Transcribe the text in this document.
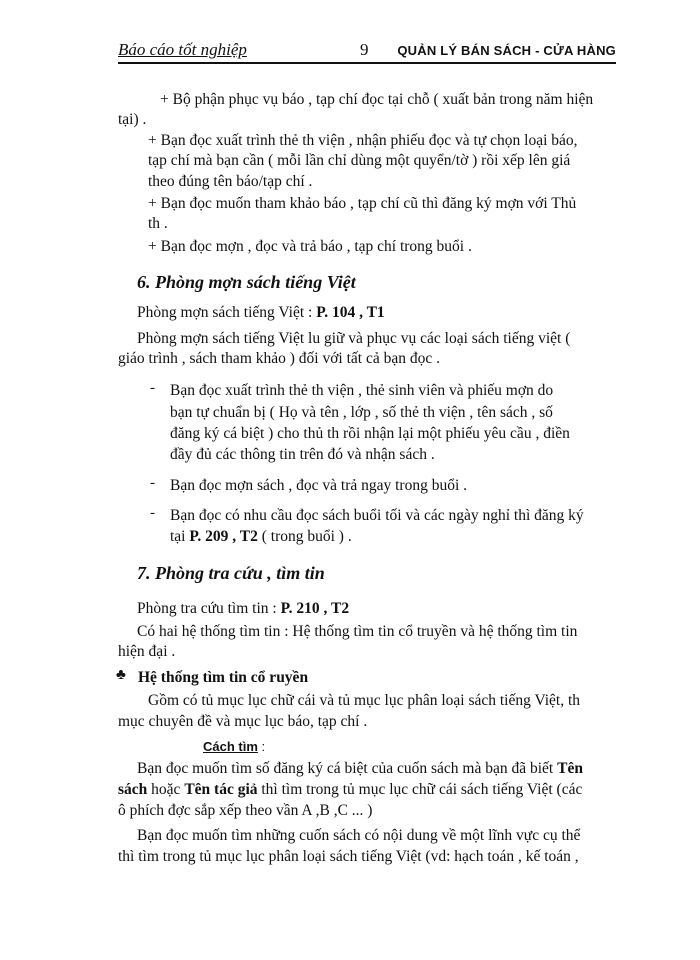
Báo cáo tốt nghiệp	9 QUẢN LÝ BÁN SÁCH - CỬA HÀNG
+ Bộ phận phục vụ báo , tạp chí đọc tại chỗ ( xuất bản trong năm hiện
tại) .
+ Bạn đọc xuất trình thẻ th viện , nhận phiếu đọc và tự chọn loại báo,
tạp chí mà bạn cần ( mỗi lần chỉ dùng một quyển/tờ ) rồi xếp lên giá
theo đúng tên báo/tạp chí .
+ Bạn đọc muốn tham khảo báo , tạp chí cũ thì đăng ký mợn với Thủ
th .
+ Bạn đọc mợn , đọc và trả báo , tạp chí trong buổi .
6. Phòng mợn sách tiếng Việt
Phòng mợn sách tiếng Việt : P. 104 , T1
Phòng mợn sách tiếng Việt lu giữ và phục vụ các loại sách tiếng việt (
giáo trình , sách tham khảo ) đối với tất cả bạn đọc .
- Bạn đọc xuất trình thẻ th viện , thẻ sinh viên và phiếu mợn do
bạn tự chuẩn bị ( Họ và tên , lớp , số thẻ th viện , tên sách , số
đăng ký cá biệt ) cho thủ th rồi nhận lại một phiếu yêu cầu , điền
đầy đủ các thông tin trên đó và nhận sách .
- Bạn đọc mợn sách , đọc và trả ngay trong buổi .
- Bạn đọc có nhu cầu đọc sách buổi tối và các ngày nghỉ thì đăng ký
tại P. 209 , T2 ( trong buổi ) .
7. Phòng tra cứu , tìm tin
Phòng tra cứu tìm tin : P. 210 , T2
Có hai hệ thống tìm tin : Hệ thống tìm tin cổ truyền và hệ thống tìm tin
hiện đại .
♣ Hệ thống tìm tin cổ ruyền
Gồm có tủ mục lục chữ cái và tủ mục lục phân loại sách tiếng Việt, th
mục chuyên đề và mục lục báo, tạp chí .
Cách tìm :
Bạn đọc muốn tìm số đăng ký cá biệt của cuốn sách mà bạn đã biết Tên
sách hoặc Tên tác giả thì tìm trong tủ mục lục chữ cái sách tiếng Việt (các
ô phích đợc sắp xếp theo vần A ,B ,C ... )
Bạn đọc muốn tìm những cuốn sách có nội dung về một lĩnh vực cụ thể
thì tìm trong tủ mục lục phân loại sách tiếng Việt (vd: hạch toán , kế toán ,
